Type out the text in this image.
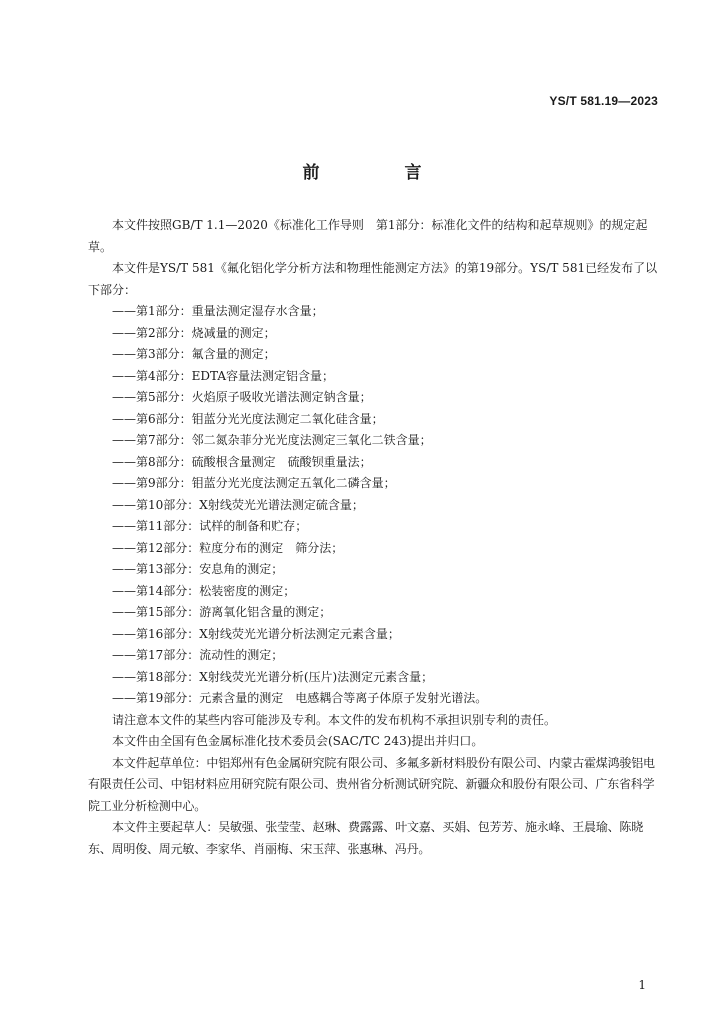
YS/T 581.19—2023
前　言

本文件按照GB/T 1.1—2020《标准化工作导则　第1部分：标准化文件的结构和起草规则》的规定起草。

本文件是YS/T 581《氟化铝化学分析方法和物理性能测定方法》的第19部分。YS/T 581已经发布了以下部分：

——第1部分：重量法测定湿存水含量；
——第2部分：烧减量的测定；
——第3部分：氟含量的测定；
——第4部分：EDTA容量法测定铝含量；
——第5部分：火焰原子吸收光谱法测定钠含量；
——第6部分：钼蓝分光光度法测定二氧化硅含量；
——第7部分：邻二氮杂菲分光光度法测定三氧化二铁含量；
——第8部分：硫酸根含量测定　硫酸钡重量法；
——第9部分：钼蓝分光光度法测定五氧化二磷含量；
——第10部分：X射线荧光光谱法测定硫含量；
——第11部分：试样的制备和贮存；
——第12部分：粒度分布的测定　筛分法；
——第13部分：安息角的测定；
——第14部分：松装密度的测定；
——第15部分：游离氧化铝含量的测定；
——第16部分：X射线荧光光谱分析法测定元素含量；
——第17部分：流动性的测定；
——第18部分：X射线荧光光谱分析(压片)法测定元素含量；
——第19部分：元素含量的测定　电感耦合等离子体原子发射光谱法。

请注意本文件的某些内容可能涉及专利。本文件的发布机构不承担识别专利的责任。

本文件由全国有色金属标准化技术委员会(SAC/TC 243)提出并归口。

本文件起草单位：中铝郑州有色金属研究院有限公司、多氟多新材料股份有限公司、内蒙古霍煤鸿骏铝电有限责任公司、中铝材料应用研究院有限公司、贵州省分析测试研究院、新疆众和股份有限公司、广东省科学院工业分析检测中心。

本文件主要起草人：吴敏强、张莹莹、赵琳、费露露、叶文嘉、买娟、包芳芳、施永峰、王晨瑜、陈晓东、周明俊、周元敏、李家华、肖丽梅、宋玉萍、张惠琳、冯丹。

1
